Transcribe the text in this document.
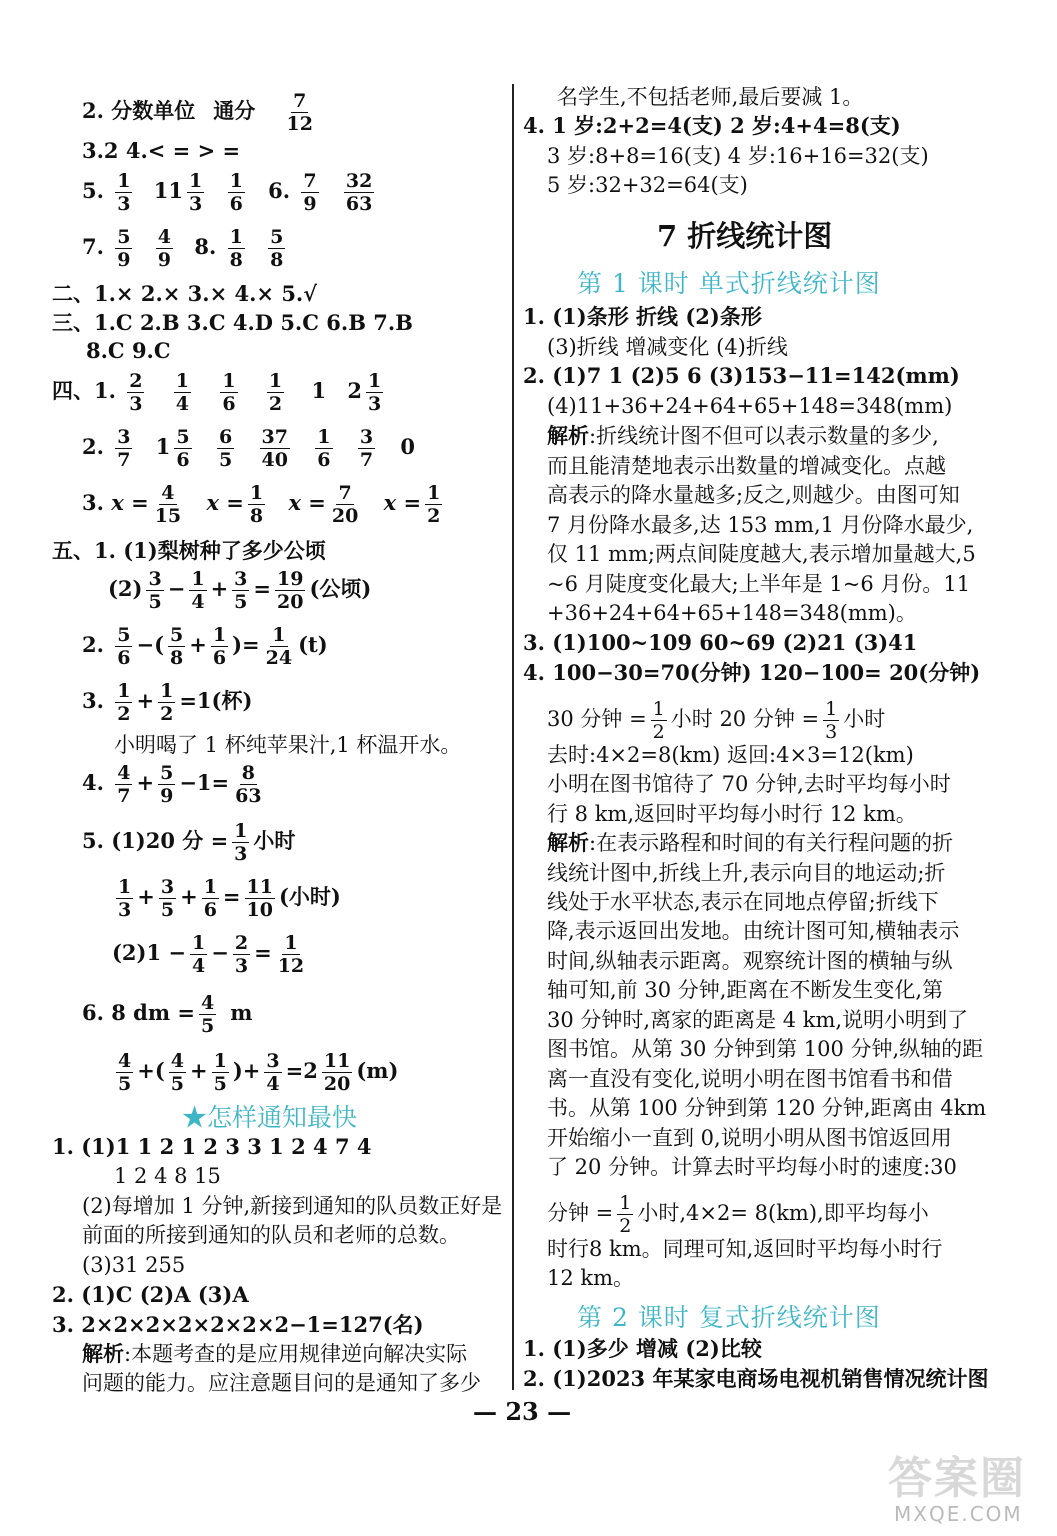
2. 分数单位 通分 $\frac{7}{12}$
3.2 4.< = > =
5. $\frac{1}{3} 11 \frac{1}{3}$
$\frac{1}{6} 6$. $\frac{7}{9}$
$\frac{32}{63}$
7. $\frac{5}{9}$
$\frac{4}{9} 8$. $\frac{1}{8}$
$\frac{5}{8}$
二、1.× 2.× 3.× 4.× 5.√
三、1.C 2.B 3.C 4.D 5.C 6.B 7.B
8.C 9.C
四、1. $\frac{2}{3}$
$\frac{1}{4}$
$\frac{1}{6}$
$\frac{1}{2} 1$ $2 \frac{1}{3}$
2. $\frac{3}{7} 1 \frac{5}{6}$
$\frac{6}{5}$
$\frac{37}{40}$
$\frac{1}{6}$
$\frac{3}{7} 0$
3. $x = \frac{4}{15}$ $x = \frac{1}{8}$ $x = \frac{7}{20}$ $x = \frac{1}{2}$
五、1. (1)梨树种了多少公顷
$(2) \frac{3}{5} - \frac{1}{4} + \frac{3}{5} = \frac{19}{20}$ (公顷)
2. $\frac{5}{6}$ −( $\frac{5}{8} + \frac{1}{6}$ )= $\frac{1}{24} (t)$
3. $\frac{1}{2} + \frac{1}{2} =1$(杯)
小明喝了 1 杯纯苹果汁,1 杯温开水。
4. $\frac{4}{7} + \frac{5}{9} -1= \frac{8}{63}$
5. (1)20 分 = $\frac{1}{3}$ 小时
$\frac{1}{3} + \frac{3}{5} + \frac{1}{6} = \frac{11}{10}$ (小时)
$(2)1 - \frac{1}{4} - \frac{2}{3} = \frac{1}{12}$
6. 8 dm = $\frac{4}{5}$ m
$\frac{4}{5}$ +( $\frac{4}{5} + \frac{1}{5}$ )+ $\frac{3}{4} =2 \frac{11}{20} (m)$
★怎样通知最快
1. (1)1 1 2 1 2 3 3 1 2 4 7 4
1 2 4 8 15
(2)每增加 1 分钟,新接到通知的队员数正好是
前面的所接到通知的队员和老师的总数。
(3)31 255
2. (1)C (2)A (3)A
3. 2×2×2×2×2×2×2−1=127(名)
解析:本题考查的是应用规律逆向解决实际
问题的能力。应注意题目问的是通知了多少
名学生,不包括老师,最后要减 1。
4. 1 岁:2+2=4(支) 2 岁:4+4=8(支)
3 岁:8+8=16(支) 4 岁:16+16=32(支)
5 岁:32+32=64(支)
7 折线统计图
第 1 课时 单式折线统计图
1. (1)条形 折线 (2)条形
(3)折线 增减变化 (4)折线
2. (1)7 1 (2)5 6 (3)153−11=142(mm)
(4)11+36+24+64+65+148=348(mm)
解析:折线统计图不但可以表示数量的多少,
而且能清楚地表示出数量的增减变化。点越
高表示的降水量越多;反之,则越少。由图可知
7 月份降水最多,达 153 mm,1 月份降水最少,
仅 11 mm;两点间陡度越大,表示增加量越大,5
~6 月陡度变化最大;上半年是 1~6 月份。11
+36+24+64+65+148=348(mm)。
3. (1)100~109 60~69 (2)21 (3)41
4. 100−30=70(分钟) 120−100= 20(分钟)
30 分钟 = $\frac{1}{2}$ 小时 20 分钟 = $\frac{1}{3}$ 小时
去时:4×2=8(km) 返回:4×3=12(km)
小明在图书馆待了 70 分钟,去时平均每小时
行 8 km,返回时平均每小时行 12 km。
解析:在表示路程和时间的有关行程问题的折
线统计图中,折线上升,表示向目的地运动;折
线处于水平状态,表示在同地点停留;折线下
降,表示返回出发地。由统计图可知,横轴表示
时间,纵轴表示距离。观察统计图的横轴与纵
轴可知,前 30 分钟,距离在不断发生变化,第
30 分钟时,离家的距离是 4 km,说明小明到了
图书馆。从第 30 分钟到第 100 分钟,纵轴的距
离一直没有变化,说明小明在图书馆看书和借
书。从第 100 分钟到第 120 分钟,距离由 4km
开始缩小一直到 0,说明小明从图书馆返回用
了 20 分钟。计算去时平均每小时的速度:30
分钟 = $\frac{1}{2}$ 小时,4×2= 8(km),即平均每小
时行8 km。同理可知,返回时平均每小时行
12 km。
第 2 课时 复式折线统计图
1. (1)多少 增减 (2)比较
2. (1)2023 年某家电商场电视机销售情况统计图
— 23 —
答案圈
MXQE.COM
